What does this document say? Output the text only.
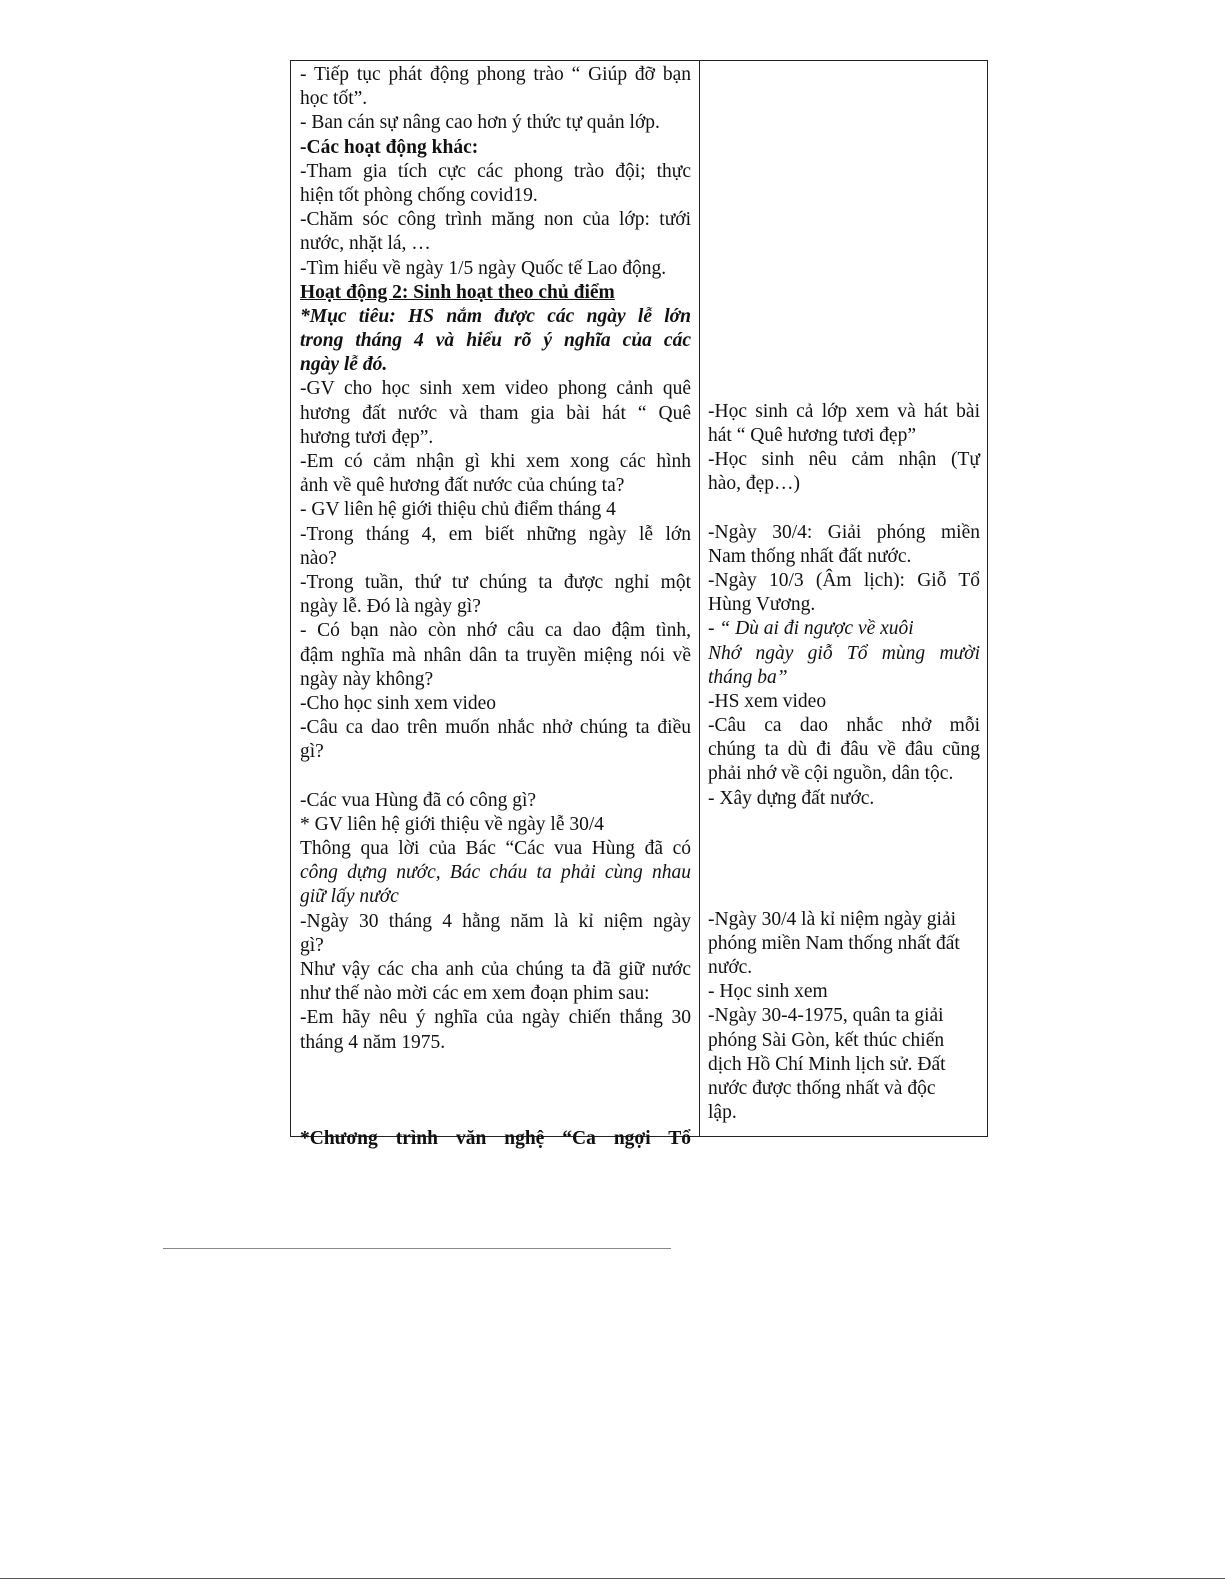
- Tiếp tục phát động phong trào “ Giúp đỡ bạn
học tốt”.
- Ban cán sự nâng cao hơn ý thức tự quản lớp.
-Các hoạt động khác:
-Tham gia tích cực các phong trào đội; thực
hiện tốt phòng chống covid19.
-Chăm sóc công trình măng non của lớp: tưới
nước, nhặt lá, …
-Tìm hiểu về ngày 1/5 ngày Quốc tế Lao động.
Hoạt động 2: Sinh hoạt theo chủ điểm
*Mục tiêu: HS nắm được các ngày lễ lớn
trong tháng 4 và hiểu rõ ý nghĩa của các
ngày lễ đó.
-GV cho học sinh xem video phong cảnh quê
hương đất nước và tham gia bài hát “ Quê
hương tươi đẹp”.
-Em có cảm nhận gì khi xem xong các hình
ảnh về quê hương đất nước của chúng ta?
- GV liên hệ giới thiệu chủ điểm tháng 4
-Trong tháng 4, em biết những ngày lễ lớn
nào?
-Trong tuần, thứ tư chúng ta được nghỉ một
ngày lễ. Đó là ngày gì?
- Có bạn nào còn nhớ câu ca dao đậm tình,
đậm nghĩa mà nhân dân ta truyền miệng nói về
ngày này không?
-Cho học sinh xem video
-Câu ca dao trên muốn nhắc nhở chúng ta điều
gì?
-Các vua Hùng đã có công gì?
* GV liên hệ giới thiệu về ngày lễ 30/4
Thông qua lời của Bác “Các vua Hùng đã có
công dựng nước, Bác cháu ta phải cùng nhau
giữ lấy nước
-Ngày 30 tháng 4 hằng năm là kỉ niệm ngày
gì?
Như vậy các cha anh của chúng ta đã giữ nước
như thế nào mời các em xem đoạn phim sau:
-Em hãy nêu ý nghĩa của ngày chiến thắng 30
tháng 4 năm 1975.
*Chương trình văn nghệ “Ca ngợi Tổ
-Học sinh cả lớp xem và hát bài
hát “ Quê hương tươi đẹp”
-Học sinh nêu cảm nhận (Tự
hào, đẹp…)
-Ngày 30/4: Giải phóng miền
Nam thống nhất đất nước.
-Ngày 10/3 (Âm lịch): Giỗ Tổ
Hùng Vương.
- “ Dù ai đi ngược về xuôi
Nhớ ngày giỗ Tổ mùng mười
tháng ba”
-HS xem video
-Câu ca dao nhắc nhở mỗi
chúng ta dù đi đâu về đâu cũng
phải nhớ về cội nguồn, dân tộc.
- Xây dựng đất nước.
-Ngày 30/4 là kỉ niệm ngày giải
phóng miền Nam thống nhất đất
nước.
- Học sinh xem
-Ngày 30-4-1975, quân ta giải
phóng Sài Gòn, kết thúc chiến
dịch Hồ Chí Minh lịch sử. Đất
nước được thống nhất và độc
lập.
